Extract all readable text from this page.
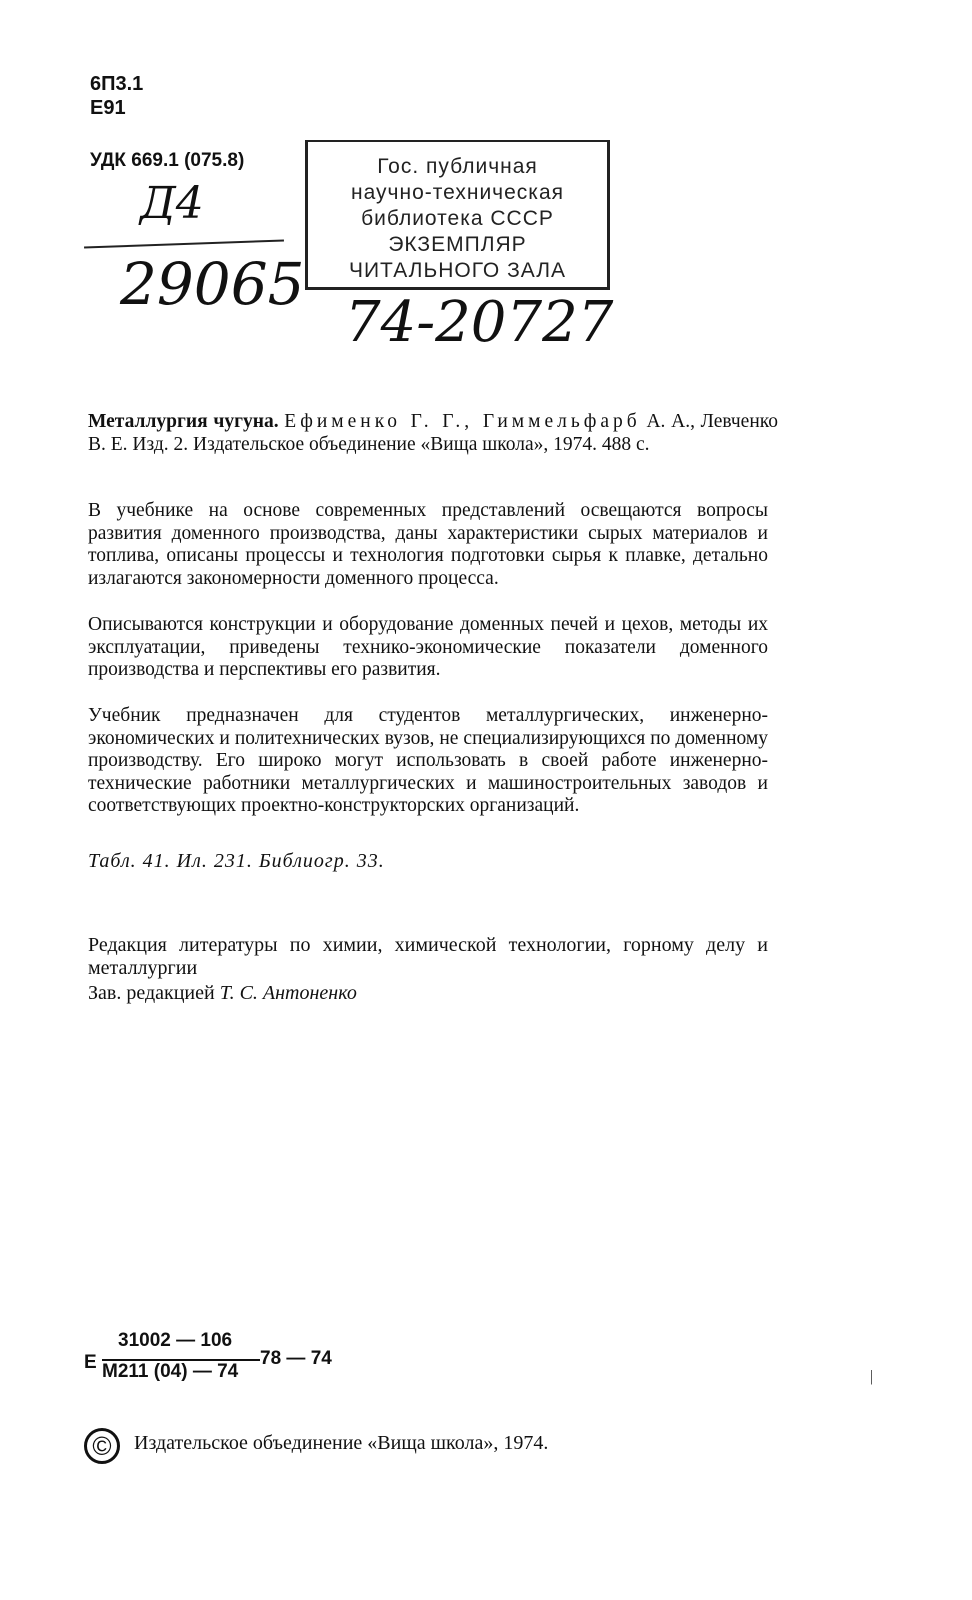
6П3.1
Е91
УДК 669.1 (075.8)
Д4
29065
Гос. публичная
научно-техническая
библиотека СССР
ЭКЗЕМПЛЯР
ЧИТАЛЬНОГО ЗАЛА
74-20727
Металлургия чугуна. Ефименко Г. Г., Гиммельфарб А. А., Левченко В. Е. Изд. 2. Издательское объединение «Вища школа», 1974. 488 с.
В учебнике на основе современных представлений освещаются вопросы развития доменного производства, даны характеристики сырых материалов и топлива, описаны процессы и технология подготовки сырья к плавке, детально излагаются закономерности доменного процесса.
Описываются конструкции и оборудование доменных печей и цехов, методы их эксплуатации, приведены технико-экономические показатели доменного производства и перспективы его развития.
Учебник предназначен для студентов металлургических, инженерно-экономических и политехнических вузов, не специализирующихся по доменному производству. Его широко могут использовать в своей работе инженерно-технические работники металлургических и машиностроительных заводов и соответствующих проектно-конструкторских организаций.
Табл. 41. Ил. 231. Библиогр. 33.
Редакция литературы по химии, химической технологии, горному делу и металлургии
Зав. редакцией Т. С. Антоненко
Е
31002 — 106
М211 (04) — 74
78 — 74
|
©	Издательское объединение «Вища школа», 1974.
